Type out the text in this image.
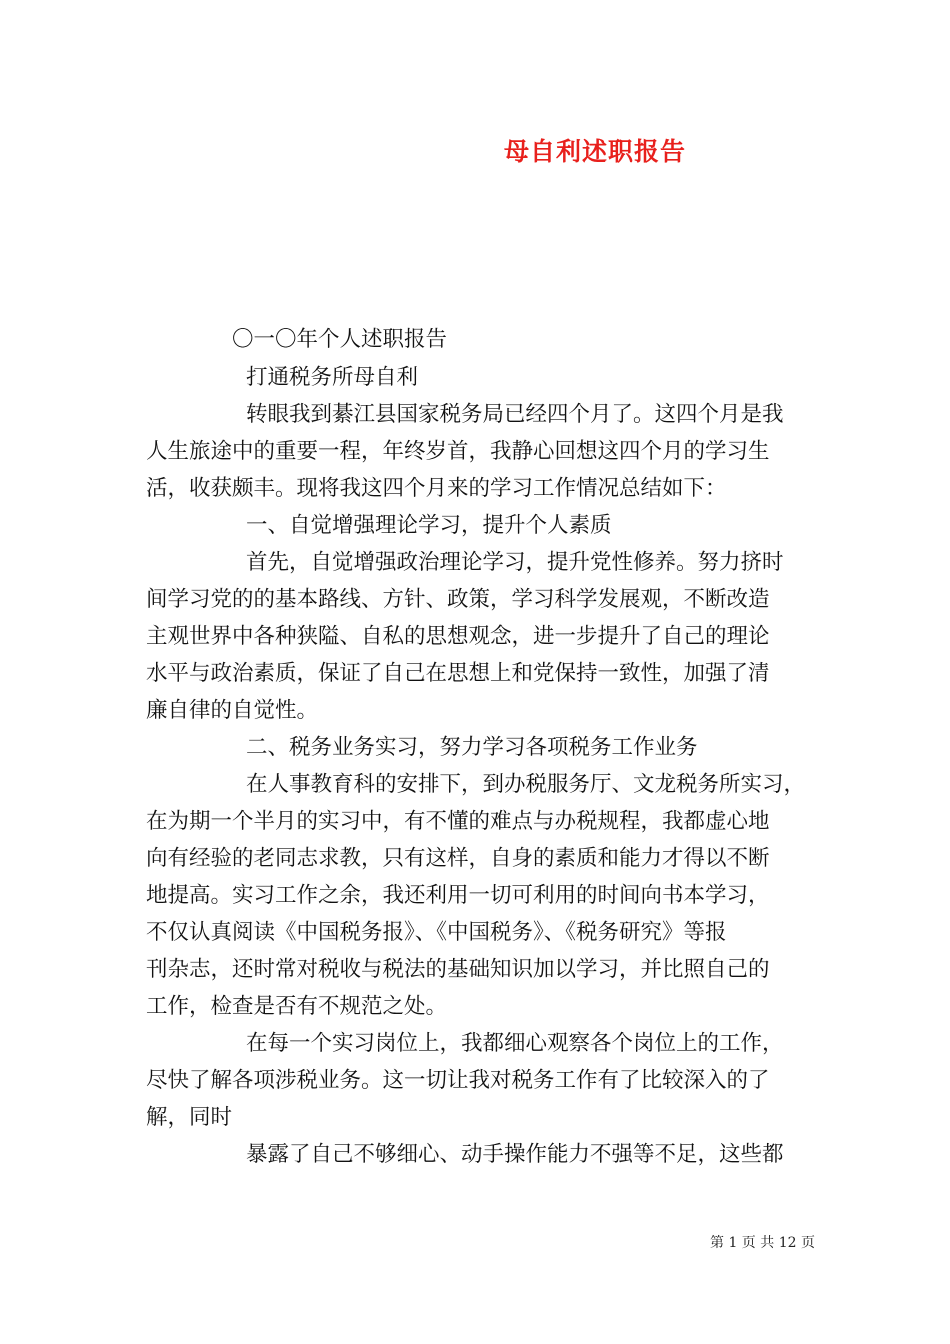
母自利述职报告
〇一〇年个人述职报告
打通税务所母自利
转眼我到綦江县国家税务局已经四个月了。这四个月是我
人生旅途中的重要一程，年终岁首，我静心回想这四个月的学习生
活，收获颇丰。现将我这四个月来的学习工作情况总结如下：
一、自觉增强理论学习，提升个人素质
首先，自觉增强政治理论学习，提升党性修养。努力挤时
间学习党的的基本路线、方针、政策，学习科学发展观，不断改造
主观世界中各种狭隘、自私的思想观念，进一步提升了自己的理论
水平与政治素质，保证了自己在思想上和党保持一致性，加强了清
廉自律的自觉性。
二、税务业务实习，努力学习各项税务工作业务
在人事教育科的安排下，到办税服务厅、文龙税务所实习，
在为期一个半月的实习中，有不懂的难点与办税规程，我都虚心地
向有经验的老同志求教，只有这样，自身的素质和能力才得以不断
地提高。实习工作之余，我还利用一切可利用的时间向书本学习，
不仅认真阅读《中国税务报》、《中国税务》、《税务研究》等报
刊杂志，还时常对税收与税法的基础知识加以学习，并比照自己的
工作，检查是否有不规范之处。
在每一个实习岗位上，我都细心观察各个岗位上的工作，
尽快了解各项涉税业务。这一切让我对税务工作有了比较深入的了
解，同时
暴露了自己不够细心、动手操作能力不强等不足，这些都
第 1 页 共 12 页
